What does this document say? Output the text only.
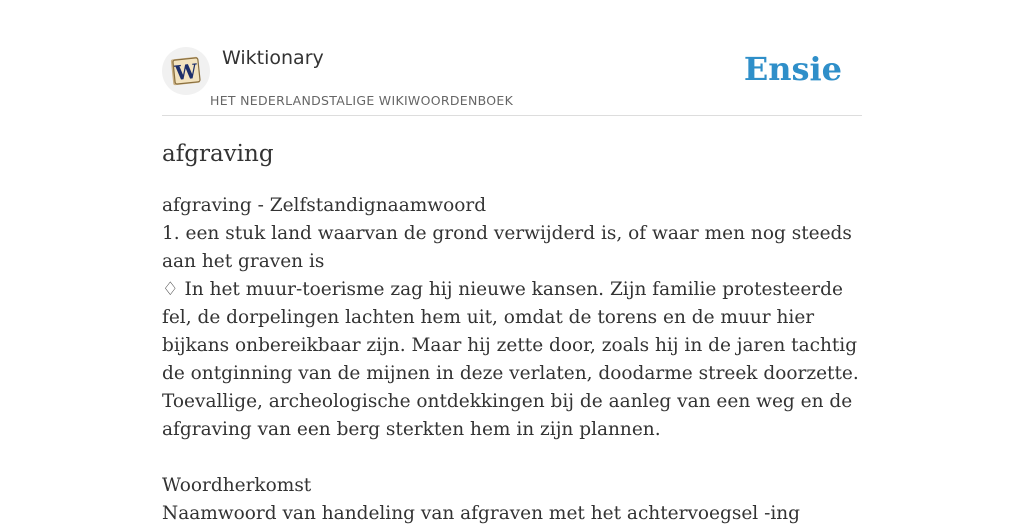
W
Wiktionary
HET NEDERLANDSTALIGE WIKIWOORDENBOEK
Ensie
afgraving

afgraving - Zelfstandignaamwoord

1. een stuk land waarvan de grond verwijderd is, of waar men nog steeds aan het graven is

♢ In het muur-toerisme zag hij nieuwe kansen. Zijn familie protesteerde fel, de dorpelingen lachten hem uit, omdat de torens en de muur hier bijkans onbereikbaar zijn. Maar hij zette door, zoals hij in de jaren tachtig de ontginning van de mijnen in deze verlaten, doodarme streek doorzette. Toevallige, archeologische ontdekkingen bij de aanleg van een weg en de afgraving van een berg sterkten hem in zijn plannen.

Woordherkomst

Naamwoord van handeling van afgraven met het achtervoegsel -ing
